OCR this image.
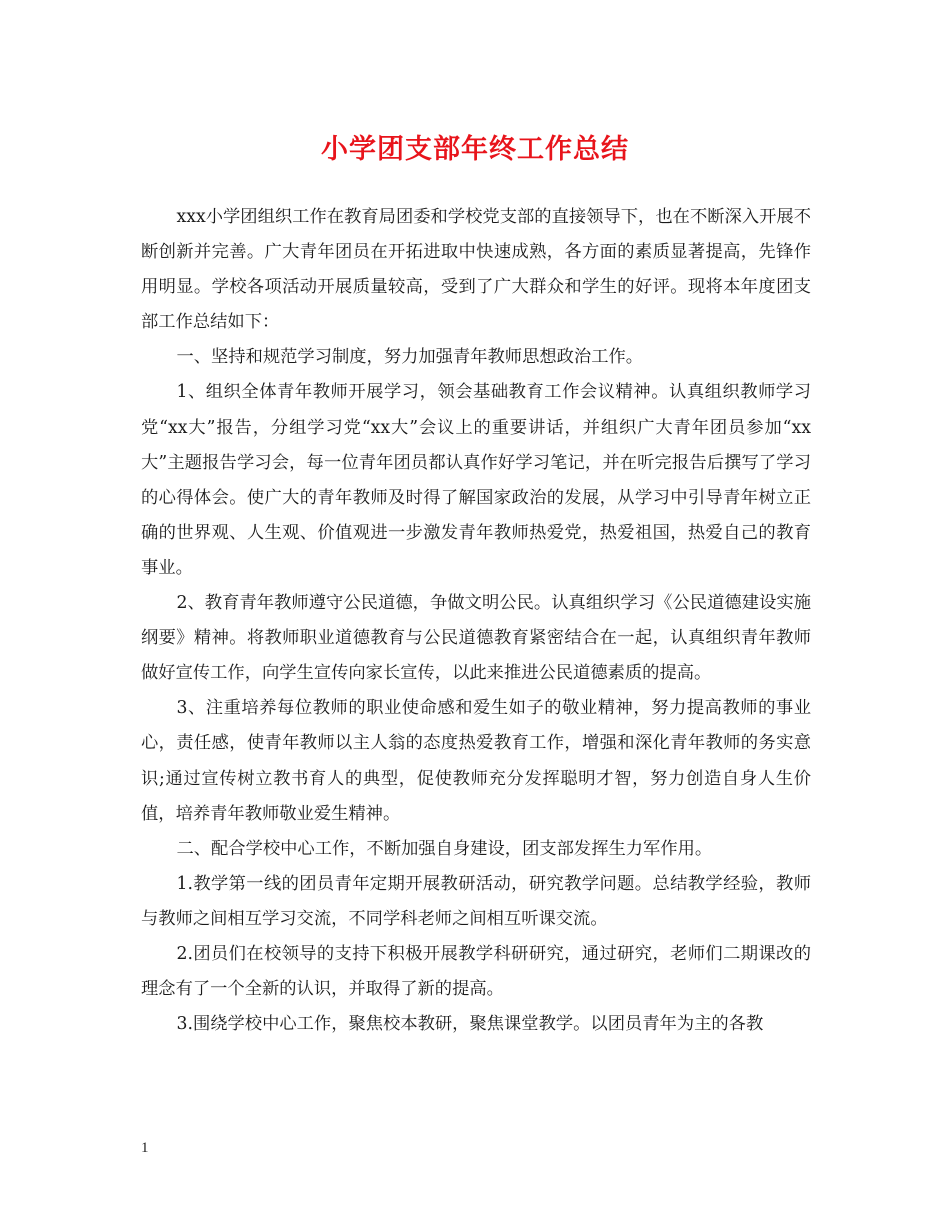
小学团支部年终工作总结

xxx小学团组织工作在教育局团委和学校党支部的直接领导下，也在不断深入开展不断创新并完善。广大青年团员在开拓进取中快速成熟，各方面的素质显著提高，先锋作用明显。学校各项活动开展质量较高，受到了广大群众和学生的好评。现将本年度团支部工作总结如下：

一、坚持和规范学习制度，努力加强青年教师思想政治工作。

1、组织全体青年教师开展学习，领会基础教育工作会议精神。认真组织教师学习党“xx大”报告，分组学习党“xx大”会议上的重要讲话，并组织广大青年团员参加“xx大”主题报告学习会，每一位青年团员都认真作好学习笔记，并在听完报告后撰写了学习的心得体会。使广大的青年教师及时得了解国家政治的发展，从学习中引导青年树立正确的世界观、人生观、价值观进一步激发青年教师热爱党，热爱祖国，热爱自己的教育事业。

2、教育青年教师遵守公民道德，争做文明公民。认真组织学习《公民道德建设实施纲要》精神。将教师职业道德教育与公民道德教育紧密结合在一起，认真组织青年教师做好宣传工作，向学生宣传向家长宣传，以此来推进公民道德素质的提高。

3、注重培养每位教师的职业使命感和爱生如子的敬业精神，努力提高教师的事业心，责任感，使青年教师以主人翁的态度热爱教育工作，增强和深化青年教师的务实意识;通过宣传树立教书育人的典型，促使教师充分发挥聪明才智，努力创造自身人生价值，培养青年教师敬业爱生精神。

二、配合学校中心工作，不断加强自身建设，团支部发挥生力军作用。

1.教学第一线的团员青年定期开展教研活动，研究教学问题。总结教学经验，教师与教师之间相互学习交流，不同学科老师之间相互听课交流。

2.团员们在校领导的支持下积极开展教学科研研究，通过研究，老师们二期课改的理念有了一个全新的认识，并取得了新的提高。

3.围绕学校中心工作，聚焦校本教研，聚焦课堂教学。以团员青年为主的各教

1
